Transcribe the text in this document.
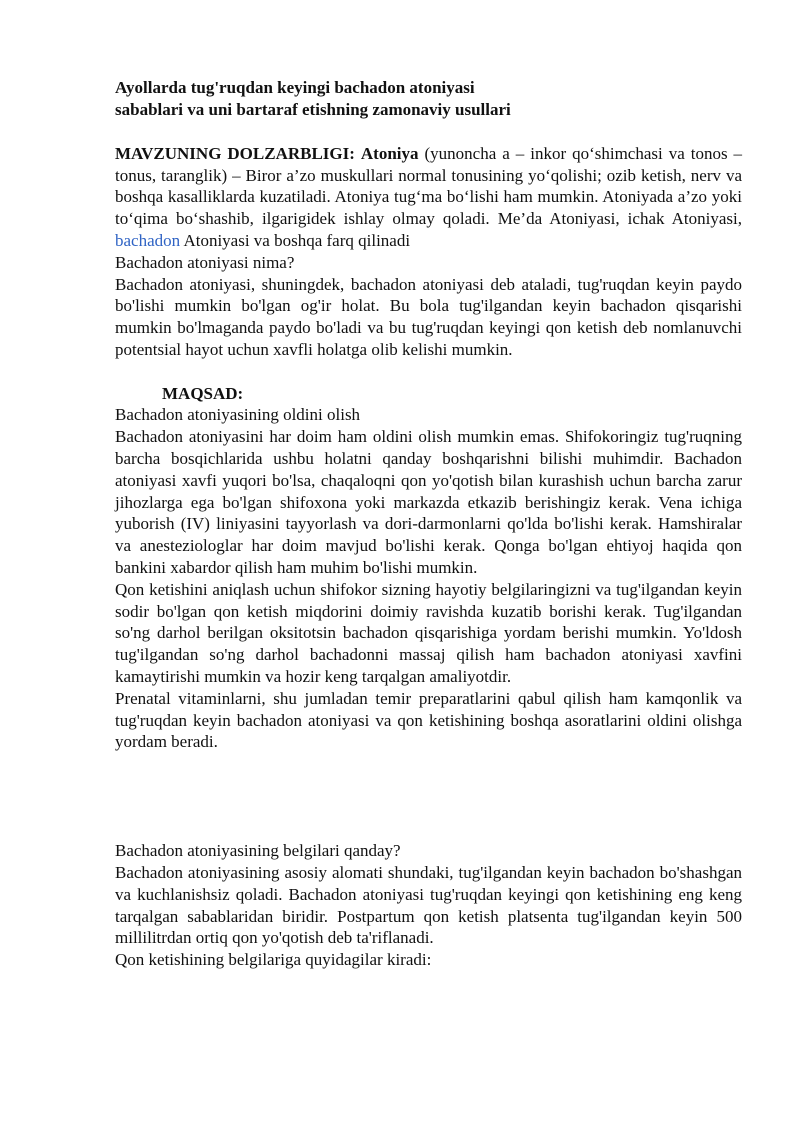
Ayollarda tug'ruqdan keyingi bachadon atoniyasi

sabablari va uni bartaraf etishning zamonaviy usullari

MAVZUNING DOLZARBLIGI: Atoniya (yunoncha a – inkor qo‘shimchasi va tonos – tonus, taranglik) – Biror a’zo muskullari normal tonusining yo‘qolishi; ozib ketish, nerv va boshqa kasalliklarda kuzatiladi. Atoniya tug‘ma bo‘lishi ham mumkin. Atoniyada a’zo yoki to‘qima bo‘shashib, ilgarigidek ishlay olmay qoladi. Me’da Atoniyasi, ichak Atoniyasi, bachadon Atoniyasi va boshqa farq qilinadi

Bachadon atoniyasi nima?

Bachadon atoniyasi, shuningdek, bachadon atoniyasi deb ataladi, tug'ruqdan keyin paydo bo'lishi mumkin bo'lgan og'ir holat. Bu bola tug'ilgandan keyin bachadon qisqarishi mumkin bo'lmaganda paydo bo'ladi va bu tug'ruqdan keyingi qon ketish deb nomlanuvchi potentsial hayot uchun xavfli holatga olib kelishi mumkin.

MAQSAD:

Bachadon atoniyasining oldini olish

Bachadon atoniyasini har doim ham oldini olish mumkin emas. Shifokoringiz tug'ruqning barcha bosqichlarida ushbu holatni qanday boshqarishni bilishi muhimdir. Bachadon atoniyasi xavfi yuqori bo'lsa, chaqaloqni qon yo'qotish bilan kurashish uchun barcha zarur jihozlarga ega bo'lgan shifoxona yoki markazda etkazib berishingiz kerak. Vena ichiga yuborish (IV) liniyasini tayyorlash va dori-darmonlarni qo'lda bo'lishi kerak. Hamshiralar va anesteziologlar har doim mavjud bo'lishi kerak. Qonga bo'lgan ehtiyoj haqida qon bankini xabardor qilish ham muhim bo'lishi mumkin.

Qon ketishini aniqlash uchun shifokor sizning hayotiy belgilaringizni va tug'ilgandan keyin sodir bo'lgan qon ketish miqdorini doimiy ravishda kuzatib borishi kerak. Tug'ilgandan so'ng darhol berilgan oksitotsin bachadon qisqarishiga yordam berishi mumkin. Yo'ldosh tug'ilgandan so'ng darhol bachadonni massaj qilish ham bachadon atoniyasi xavfini kamaytirishi mumkin va hozir keng tarqalgan amaliyotdir.

Prenatal vitaminlarni, shu jumladan temir preparatlarini qabul qilish ham kamqonlik va tug'ruqdan keyin bachadon atoniyasi va qon ketishining boshqa asoratlarini oldini olishga yordam beradi.

Bachadon atoniyasining belgilari qanday?

Bachadon atoniyasining asosiy alomati shundaki, tug'ilgandan keyin bachadon bo'shashgan va kuchlanishsiz qoladi. Bachadon atoniyasi tug'ruqdan keyingi qon ketishining eng keng tarqalgan sabablaridan biridir. Postpartum qon ketish platsenta tug'ilgandan keyin 500 millilitrdan ortiq qon yo'qotish deb ta'riflanadi.

Qon ketishining belgilariga quyidagilar kiradi:
